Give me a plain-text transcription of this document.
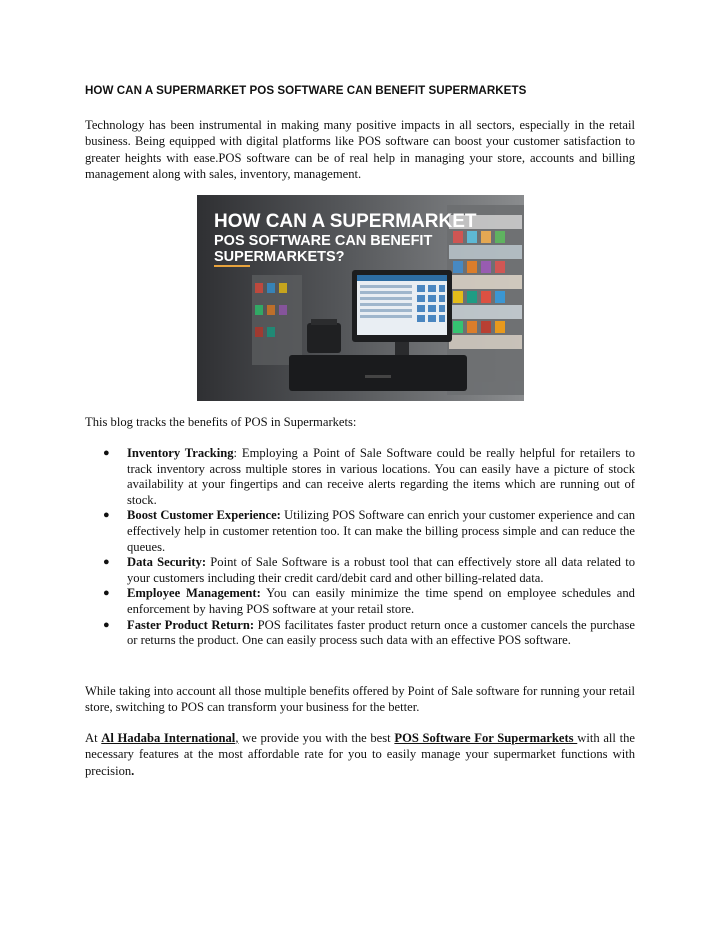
HOW CAN A SUPERMARKET POS SOFTWARE CAN BENEFIT SUPERMARKETS

Technology has been instrumental in making many positive impacts in all sectors, especially in the retail business. Being equipped with digital platforms like POS software can boost your customer satisfaction to greater heights with ease.POS software can be of real help in managing your store, accounts and billing management along with sales, inventory, management.

HOW CAN A SUPERMARKET
POS SOFTWARE CAN BENEFIT
SUPERMARKETS?
This blog tracks the benefits of POS in Supermarkets:
● Inventory Tracking: Employing a Point of Sale Software could be really helpful for retailers to track inventory across multiple stores in various locations. You can easily have a picture of stock availability at your fingertips and can receive alerts regarding the items which are running out of stock.
● Boost Customer Experience: Utilizing POS Software can enrich your customer experience and can effectively help in customer retention too. It can make the billing process simple and can reduce the queues.
● Data Security: Point of Sale Software is a robust tool that can effectively store all data related to your customers including their credit card/debit card and other billing-related data.
● Employee Management: You can easily minimize the time spend on employee schedules and enforcement by having POS software at your retail store.
● Faster Product Return: POS facilitates faster product return once a customer cancels the purchase or returns the product. One can easily process such data with an effective POS software.

While taking into account all those multiple benefits offered by Point of Sale software for running your retail store, switching to POS can transform your business for the better.

At Al Hadaba International, we provide you with the best POS Software For Supermarkets with all the necessary features at the most affordable rate for you to easily manage your supermarket functions with precision.
